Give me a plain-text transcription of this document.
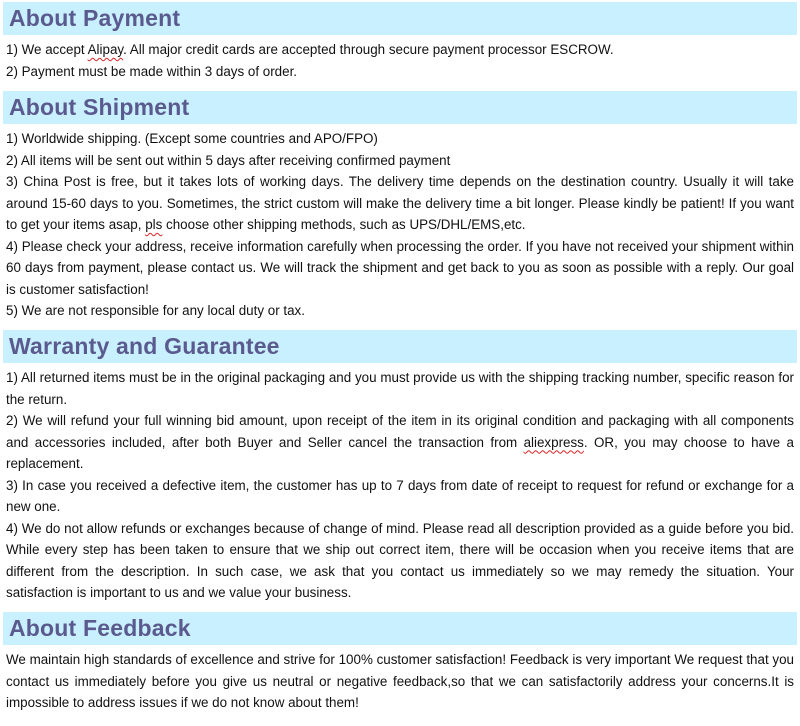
About Payment
1) We accept Alipay. All major credit cards are accepted through secure payment processor ESCROW.
2) Payment must be made within 3 days of order.
About Shipment
1) Worldwide shipping. (Except some countries and APO/FPO)
2) All items will be sent out within 5 days after receiving confirmed payment
3) China Post is free, but it takes lots of working days. The delivery time depends on the destination country. Usually it will take around 15-60 days to you. Sometimes, the strict custom will make the delivery time a bit longer. Please kindly be patient! If you want to get your items asap, pls choose other shipping methods, such as UPS/DHL/EMS,etc.
4) Please check your address, receive information carefully when processing the order. If you have not received your shipment within 60 days from payment, please contact us. We will track the shipment and get back to you as soon as possible with a reply. Our goal is customer satisfaction!
5) We are not responsible for any local duty or tax.
Warranty and Guarantee
1) All returned items must be in the original packaging and you must provide us with the shipping tracking number, specific reason for the return.
2) We will refund your full winning bid amount, upon receipt of the item in its original condition and packaging with all components and accessories included, after both Buyer and Seller cancel the transaction from aliexpress. OR, you may choose to have a replacement.
3) In case you received a defective item, the customer has up to 7 days from date of receipt to request for refund or exchange for a new one.
4) We do not allow refunds or exchanges because of change of mind. Please read all description provided as a guide before you bid. While every step has been taken to ensure that we ship out correct item, there will be occasion when you receive items that are different from the description. In such case, we ask that you contact us immediately so we may remedy the situation. Your satisfaction is important to us and we value your business.
About Feedback
We maintain high standards of excellence and strive for 100% customer satisfaction! Feedback is very important We request that you contact us immediately before you give us neutral or negative feedback,so that we can satisfactorily address your concerns.It is impossible to address issues if we do not know about them!
